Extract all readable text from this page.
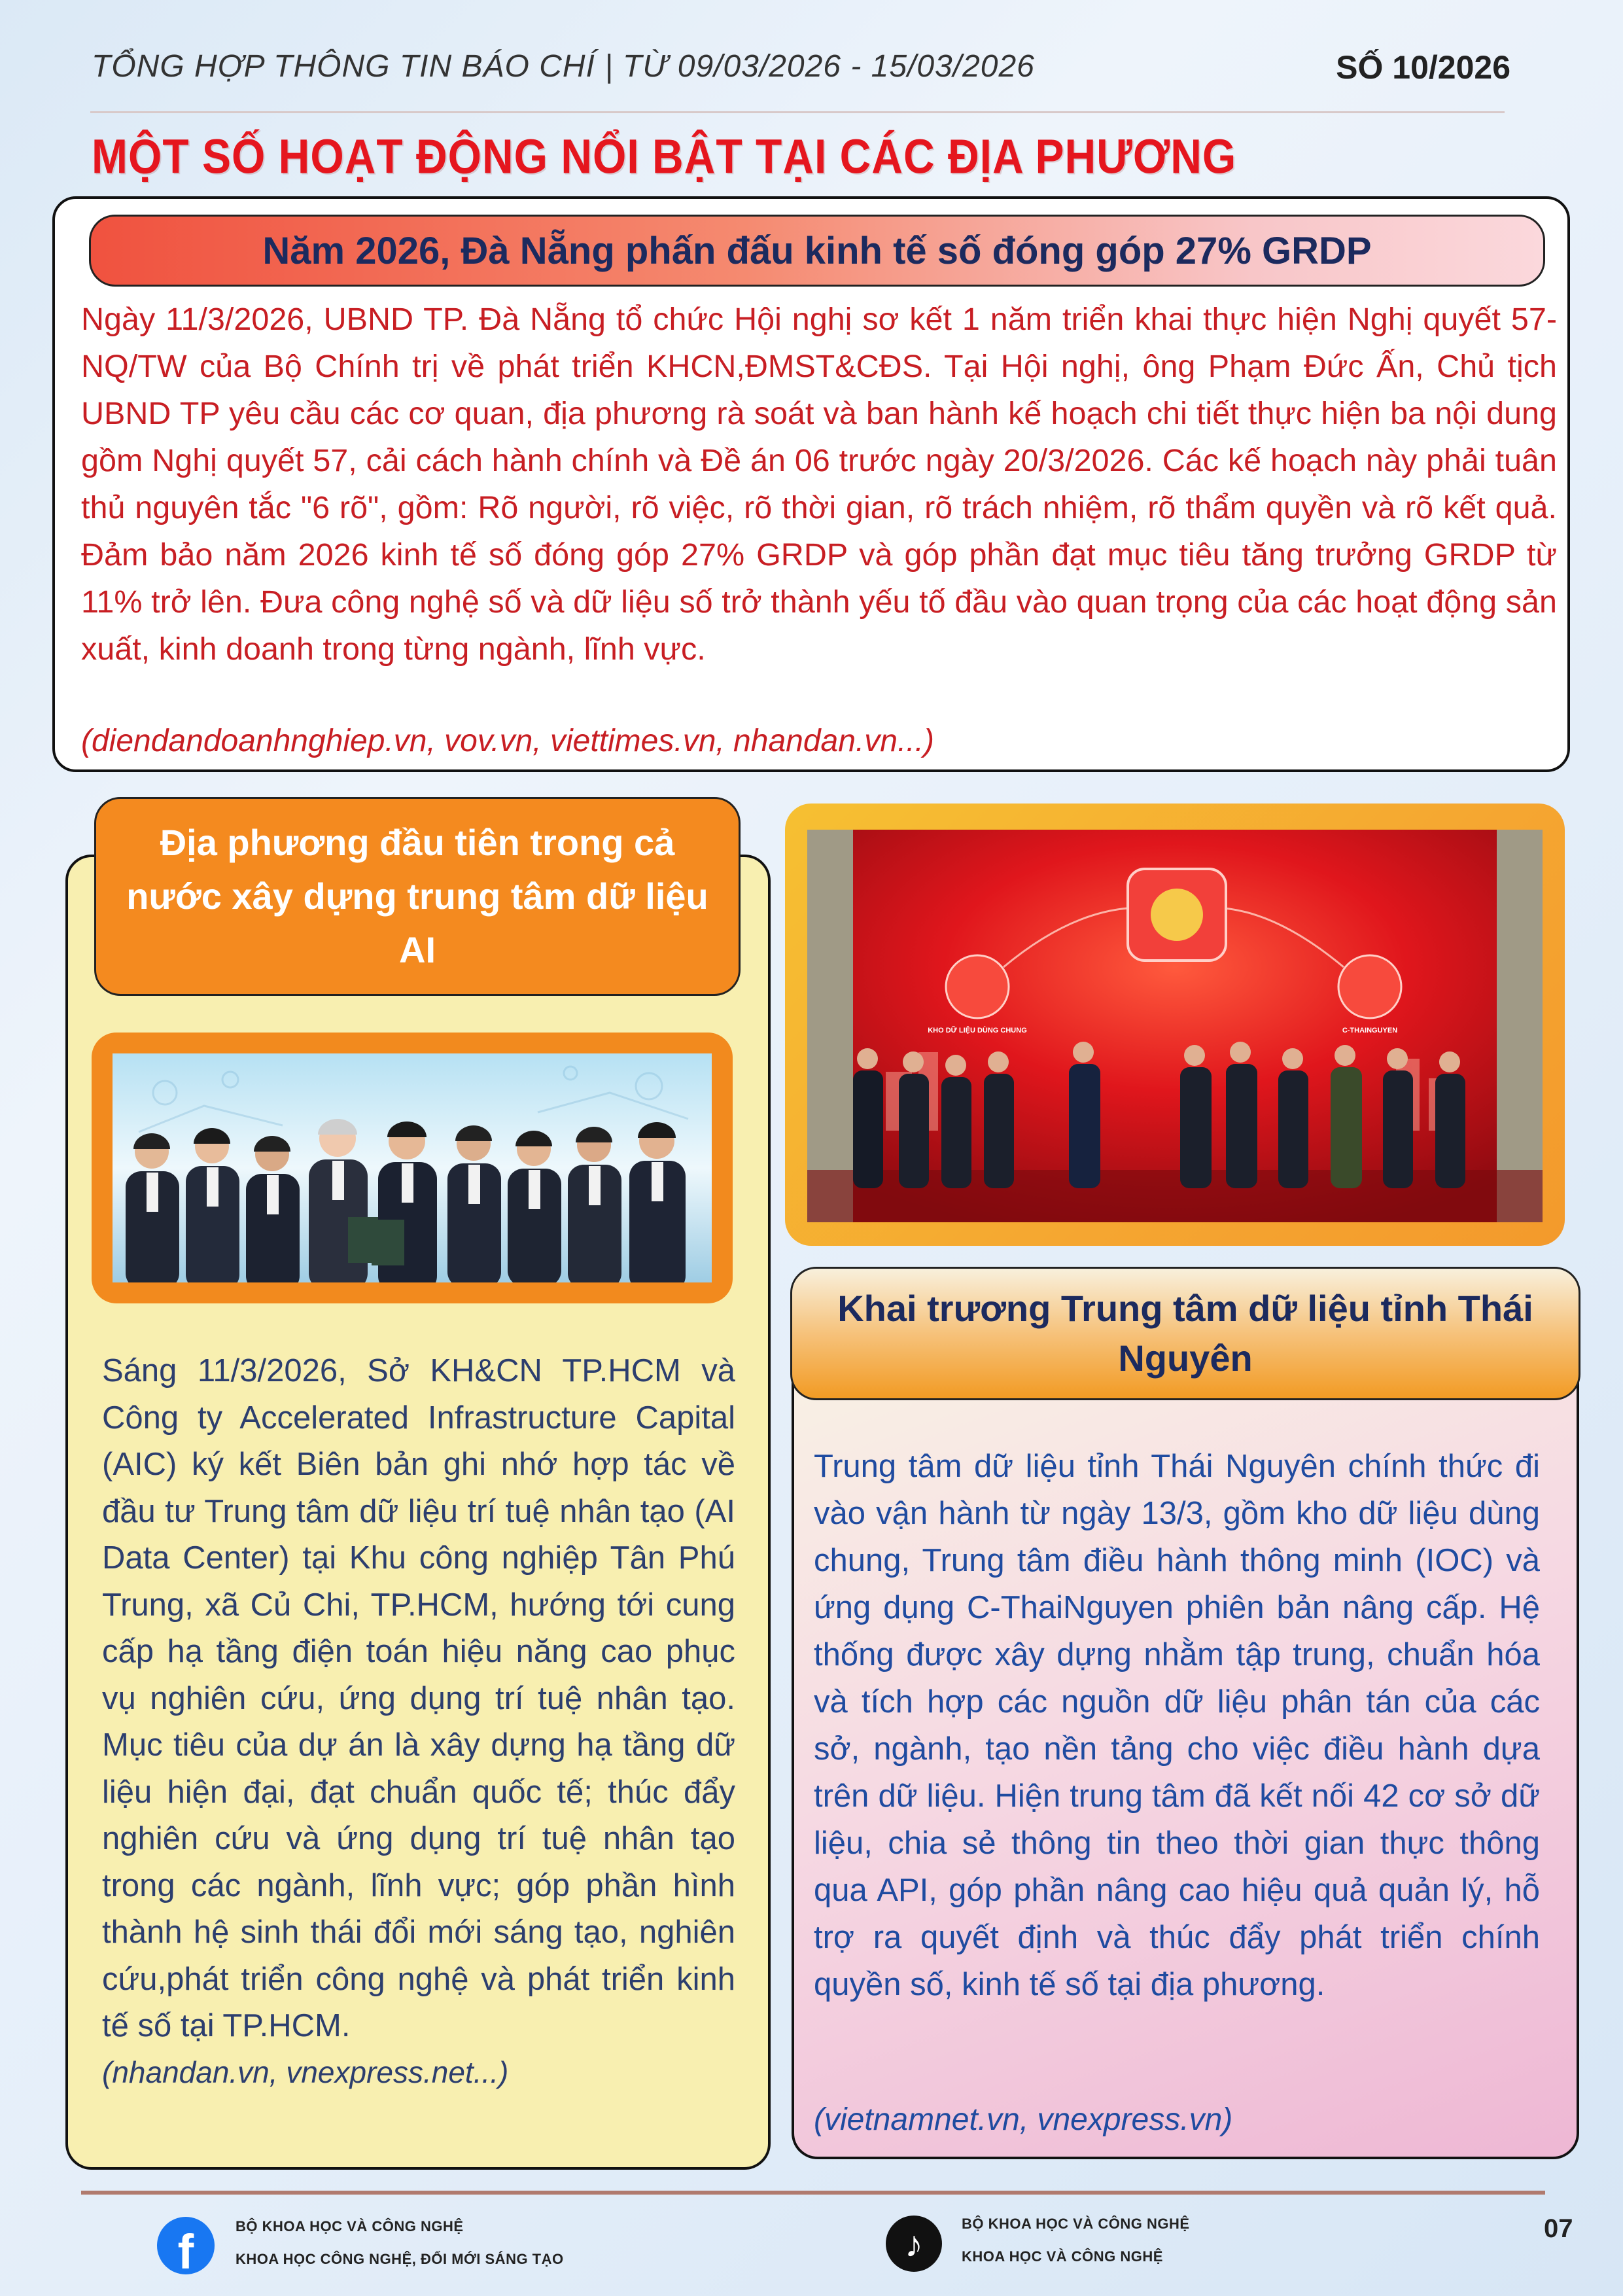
TỔNG HỢP THÔNG TIN BÁO CHÍ | TỪ 09/03/2026 - 15/03/2026	SỐ 10/2026
MỘT SỐ HOẠT ĐỘNG NỔI BẬT TẠI CÁC ĐỊA PHƯƠNG
Năm 2026, Đà Nẵng phấn đấu kinh tế số đóng góp 27% GRDP
Ngày 11/3/2026, UBND TP. Đà Nẵng tổ chức Hội nghị sơ kết 1 năm triển khai thực hiện Nghị quyết 57-NQ/TW của Bộ Chính trị về phát triển KHCN,ĐMST&CĐS. Tại Hội nghị, ông Phạm Đức Ấn, Chủ tịch UBND TP yêu cầu các cơ quan, địa phương rà soát và ban hành kế hoạch chi tiết thực hiện ba nội dung gồm Nghị quyết 57, cải cách hành chính và Đề án 06 trước ngày 20/3/2026. Các kế hoạch này phải tuân thủ nguyên tắc "6 rõ", gồm: Rõ người, rõ việc, rõ thời gian, rõ trách nhiệm, rõ thẩm quyền và rõ kết quả. Đảm bảo năm 2026 kinh tế số đóng góp 27% GRDP và góp phần đạt mục tiêu tăng trưởng GRDP từ 11% trở lên. Đưa công nghệ số và dữ liệu số trở thành yếu tố đầu vào quan trọng của các hoạt động sản xuất, kinh doanh trong từng ngành, lĩnh vực.
(diendandoanhnghiep.vn, vov.vn, viettimes.vn, nhandan.vn...)
Địa phương đầu tiên trong cả nước xây dựng trung tâm dữ liệu AI
Sáng 11/3/2026, Sở KH&CN TP.HCM và Công ty Accelerated Infrastructure Capital (AIC) ký kết Biên bản ghi nhớ hợp tác về đầu tư Trung tâm dữ liệu trí tuệ nhân tạo (AI Data Center) tại Khu công nghiệp Tân Phú Trung, xã Củ Chi, TP.HCM, hướng tới cung cấp hạ tầng điện toán hiệu năng cao phục vụ nghiên cứu, ứng dụng trí tuệ nhân tạo. Mục tiêu của dự án là xây dựng hạ tầng dữ liệu hiện đại, đạt chuẩn quốc tế; thúc đẩy nghiên cứu và ứng dụng trí tuệ nhân tạo trong các ngành, lĩnh vực; góp phần hình thành hệ sinh thái đổi mới sáng tạo, nghiên cứu,phát triển công nghệ và phát triển kinh tế số tại TP.HCM.
(nhandan.vn, vnexpress.net...)
KHO DỮ LIỆU DÙNG CHUNG	C-THAINGUYEN
Khai trương Trung tâm dữ liệu tỉnh Thái Nguyên
Trung tâm dữ liệu tỉnh Thái Nguyên chính thức đi vào vận hành từ ngày 13/3, gồm kho dữ liệu dùng chung, Trung tâm điều hành thông minh (IOC) và ứng dụng C-ThaiNguyen phiên bản nâng cấp. Hệ thống được xây dựng nhằm tập trung, chuẩn hóa và tích hợp các nguồn dữ liệu phân tán của các sở, ngành, tạo nền tảng cho việc điều hành dựa trên dữ liệu. Hiện trung tâm đã kết nối 42 cơ sở dữ liệu, chia sẻ thông tin theo thời gian thực thông qua API, góp phần nâng cao hiệu quả quản lý, hỗ trợ ra quyết định và thúc đẩy phát triển chính quyền số, kinh tế số tại địa phương.
(vietnamnet.vn, vnexpress.vn)
f	BỘ KHOA HỌC VÀ CÔNG NGHỆ
KHOA HỌC CÔNG NGHỆ, ĐỔI MỚI SÁNG TẠO	♪	BỘ KHOA HỌC VÀ CÔNG NGHỆ
KHOA HỌC VÀ CÔNG NGHỆ
07
